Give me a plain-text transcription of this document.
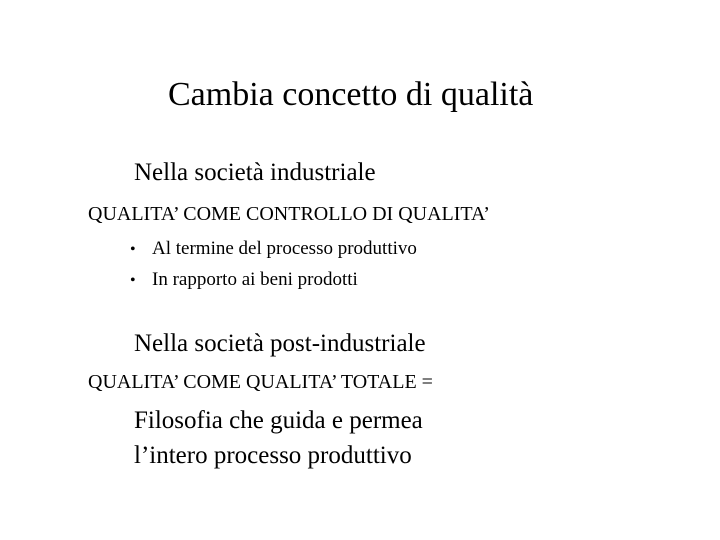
Cambia concetto di qualità
Nella società industriale
QUALITA’ COME CONTROLLO DI QUALITA’
• Al termine del processo produttivo
• In rapporto ai beni prodotti
Nella società post-industriale
QUALITA’ COME QUALITA’ TOTALE =
Filosofia che guida e permea
l’intero processo produttivo
